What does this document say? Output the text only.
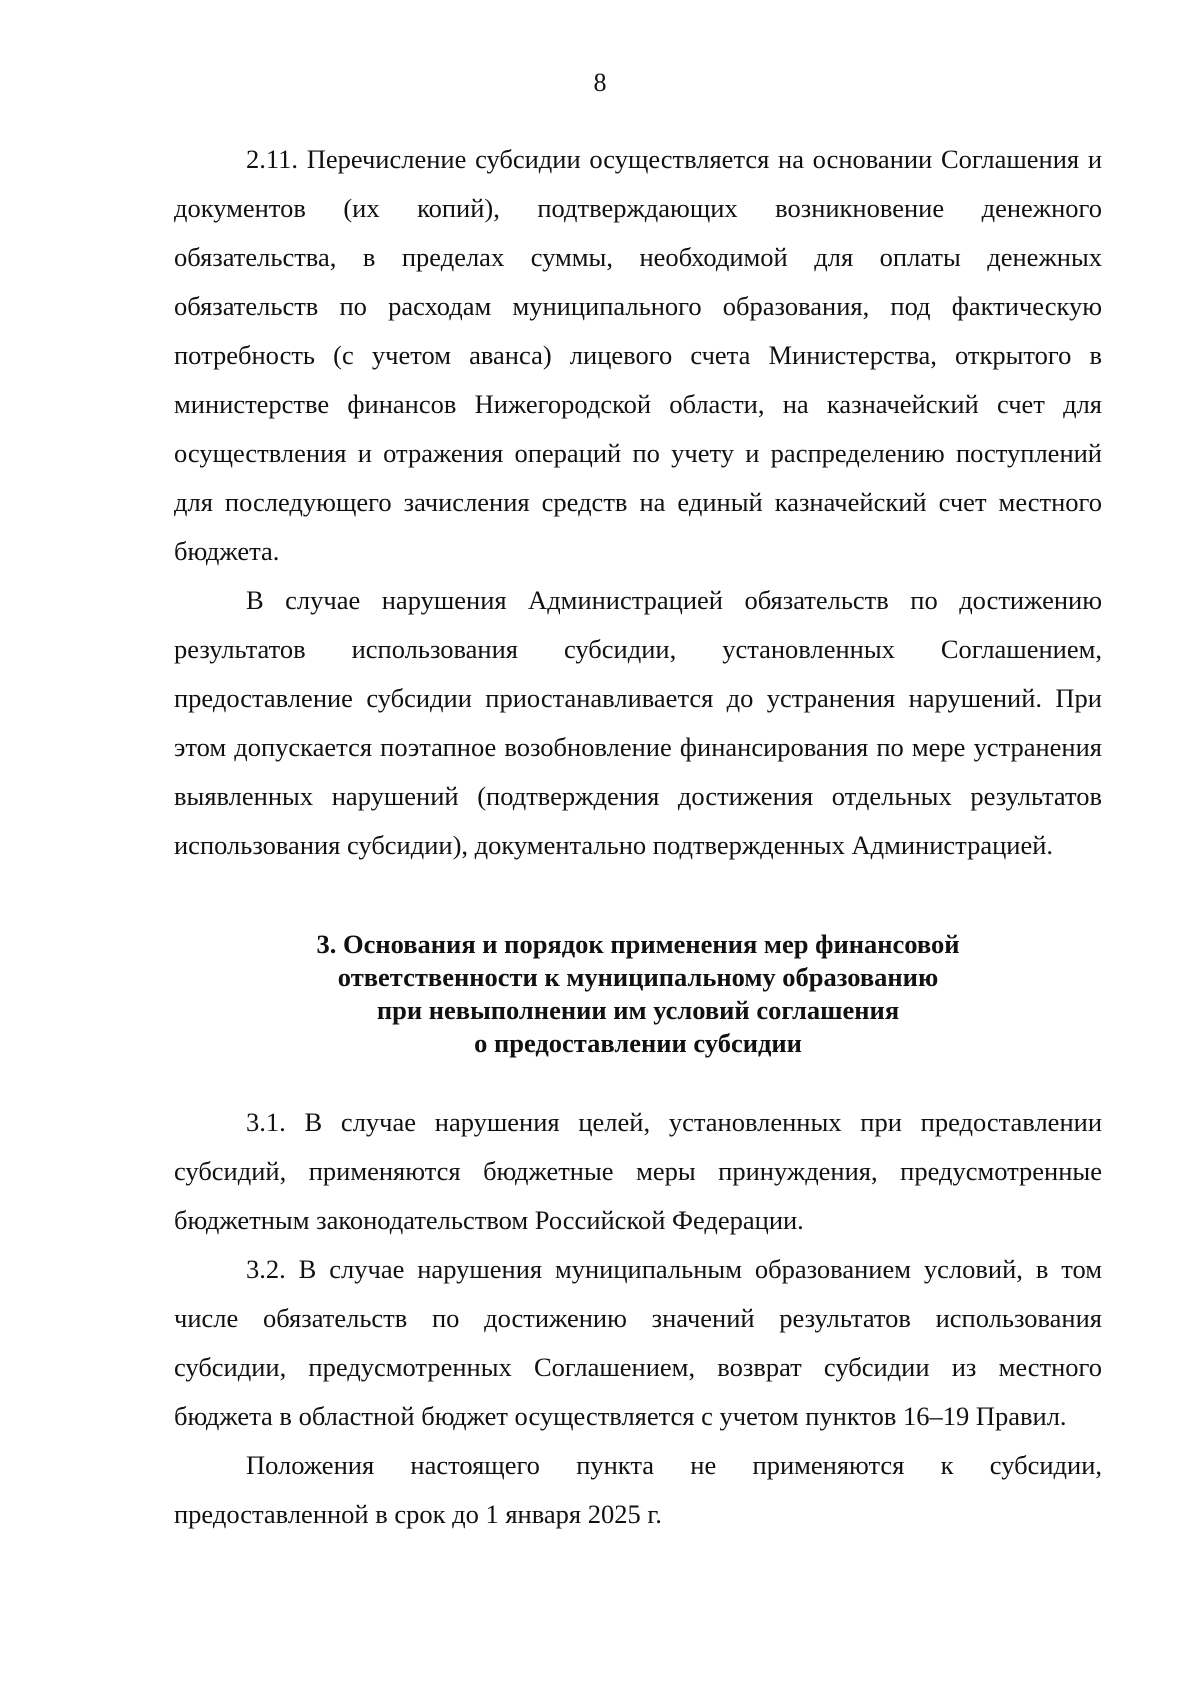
8

2.11. Перечисление субсидии осуществляется на основании Соглашения и документов (их копий), подтверждающих возникновение денежного обязательства, в пределах суммы, необходимой для оплаты денежных обязательств по расходам муниципального образования, под фактическую потребность (с учетом аванса) лицевого счета Министерства, открытого в министерстве финансов Нижегородской области, на казначейский счет для осуществления и отражения операций по учету и распределению поступлений для последующего зачисления средств на единый казначейский счет местного бюджета.

В случае нарушения Администрацией обязательств по достижению результатов использования субсидии, установленных Соглашением, предоставление субсидии приостанавливается до устранения нарушений. При этом допускается поэтапное возобновление финансирования по мере устранения выявленных нарушений (подтверждения достижения отдельных результатов использования субсидии), документально подтвержденных Администрацией.

3. Основания и порядок применения мер финансовой
ответственности к муниципальному образованию
при невыполнении им условий соглашения
о предоставлении субсидии

3.1. В случае нарушения целей, установленных при предоставлении субсидий, применяются бюджетные меры принуждения, предусмотренные бюджетным законодательством Российской Федерации.

3.2. В случае нарушения муниципальным образованием условий, в том числе обязательств по достижению значений результатов использования субсидии, предусмотренных Соглашением, возврат субсидии из местного бюджета в областной бюджет осуществляется с учетом пунктов 16–19 Правил.

Положения настоящего пункта не применяются к субсидии, предоставленной в срок до 1 января 2025 г.
